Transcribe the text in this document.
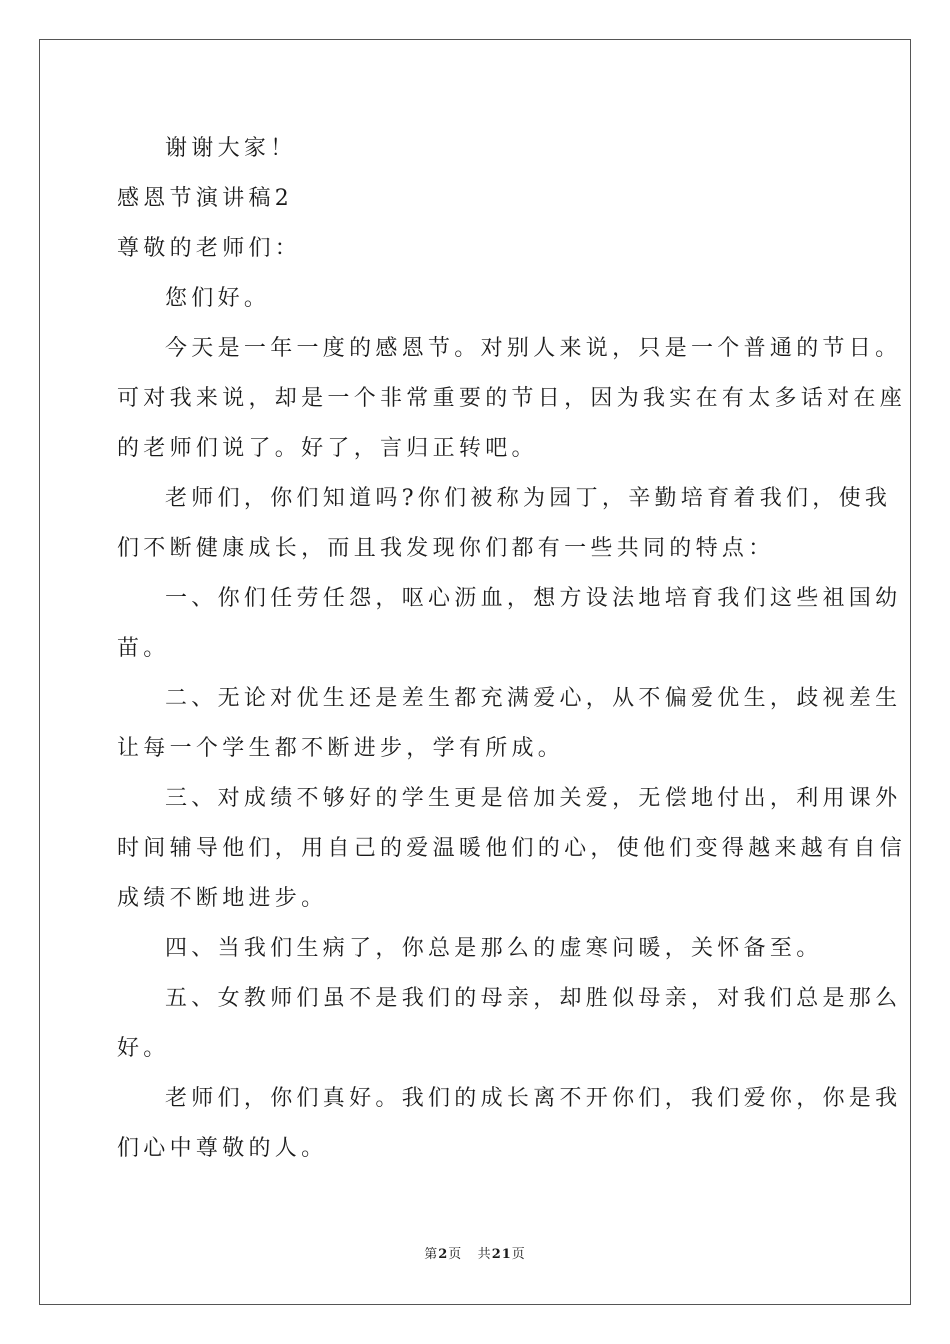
谢谢大家！
感恩节演讲稿2
尊敬的老师们：
您们好。
今天是一年一度的感恩节。对别人来说，只是一个普通的节日。
可对我来说，却是一个非常重要的节日，因为我实在有太多话对在座
的老师们说了。好了，言归正转吧。
老师们，你们知道吗?你们被称为园丁，辛勤培育着我们，使我
们不断健康成长，而且我发现你们都有一些共同的特点：
一、你们任劳任怨，呕心沥血，想方设法地培育我们这些祖国幼
苗。
二、无论对优生还是差生都充满爱心，从不偏爱优生，歧视差生
让每一个学生都不断进步，学有所成。
三、对成绩不够好的学生更是倍加关爱，无偿地付出，利用课外
时间辅导他们，用自己的爱温暖他们的心，使他们变得越来越有自信
成绩不断地进步。
四、当我们生病了，你总是那么的虚寒问暖，关怀备至。
五、女教师们虽不是我们的母亲，却胜似母亲，对我们总是那么
好。
老师们，你们真好。我们的成长离不开你们，我们爱你，你是我
们心中尊敬的人。
第2页 共21页
